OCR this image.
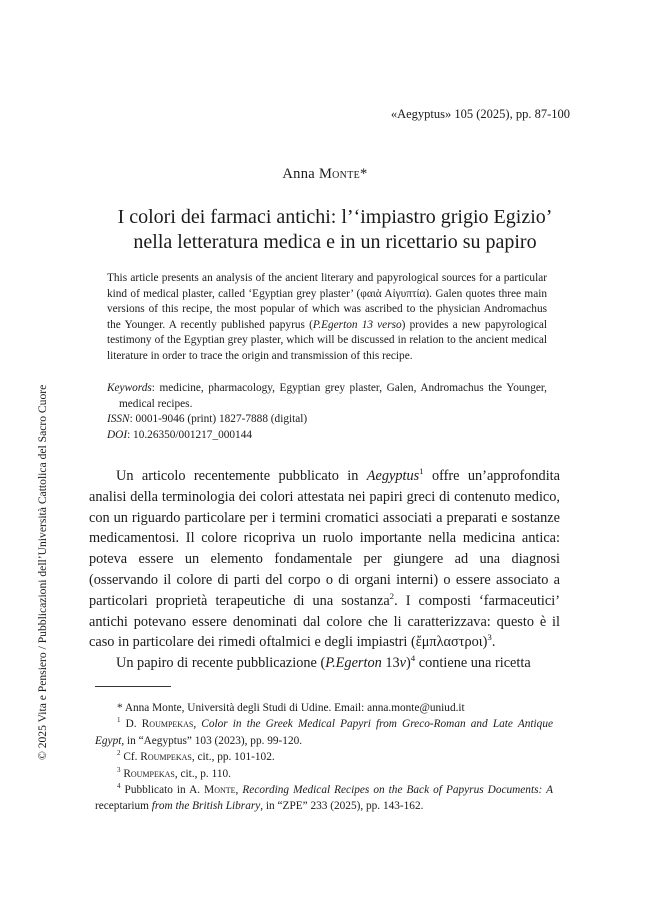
«Aegyptus» 105 (2025), pp. 87-100
Anna Monte*
I colori dei farmaci antichi: l’‘impiastro grigio Egizio’
nella letteratura medica e in un ricettario su papiro
This article presents an analysis of the ancient literary and papyrological sources for a particular kind of medical plaster, called ‘Egyptian grey plaster’ (φαιὰ Αἰγυπτία). Galen quotes three main versions of this recipe, the most popular of which was ascribed to the physician Andromachus the Younger. A recently published papyrus (P.Egerton 13 verso) provides a new papyrological testimony of the Egyptian grey plaster, which will be discussed in relation to the ancient medical literature in order to trace the origin and transmission of this recipe.
Keywords: medicine, pharmacology, Egyptian grey plaster, Galen, Andromachus the Younger, medical recipes.
ISSN: 0001-9046 (print) 1827-7888 (digital)
DOI: 10.26350/001217_000144

Un articolo recentemente pubblicato in Aegyptus$^1$ offre un’approfondita analisi della terminologia dei colori attestata nei papiri greci di contenuto medico, con un riguardo particolare per i termini cromatici associati a preparati e sostanze medicamentosi. Il colore ricopriva un ruolo importante nella medicina antica: poteva essere un elemento fondamentale per giungere ad una diagnosi (osservando il colore di parti del corpo o di organi interni) o essere associato a particolari proprietà terapeutiche di una sostanza$^2$. I composti ‘farmaceutici’ antichi potevano essere denominati dal colore che li caratterizzava: questo è il caso in particolare dei rimedi oftalmici e degli impiastri (ἔμπλαστροι)$^3$.

Un papiro di recente pubblicazione (P.Egerton 13v)$^4$ contiene una ricetta

* Anna Monte, Università degli Studi di Udine. Email: anna.monte@uniud.it
$^1$ D. Roumpekas, Color in the Greek Medical Papyri from Greco-Roman and Late Antique Egypt, in “Aegyptus” 103 (2023), pp. 99-120.
$^2$ Cf. Roumpekas, cit., pp. 101-102.
$^3$ Roumpekas, cit., p. 110.
$^4$ Pubblicato in A. Monte, Recording Medical Recipes on the Back of Papyrus Documents: A receptarium from the British Library, in “ZPE” 233 (2025), pp. 143-162.
© 2025 Vita e Pensiero / Pubblicazioni dell’Università Cattolica del Sacro Cuore
